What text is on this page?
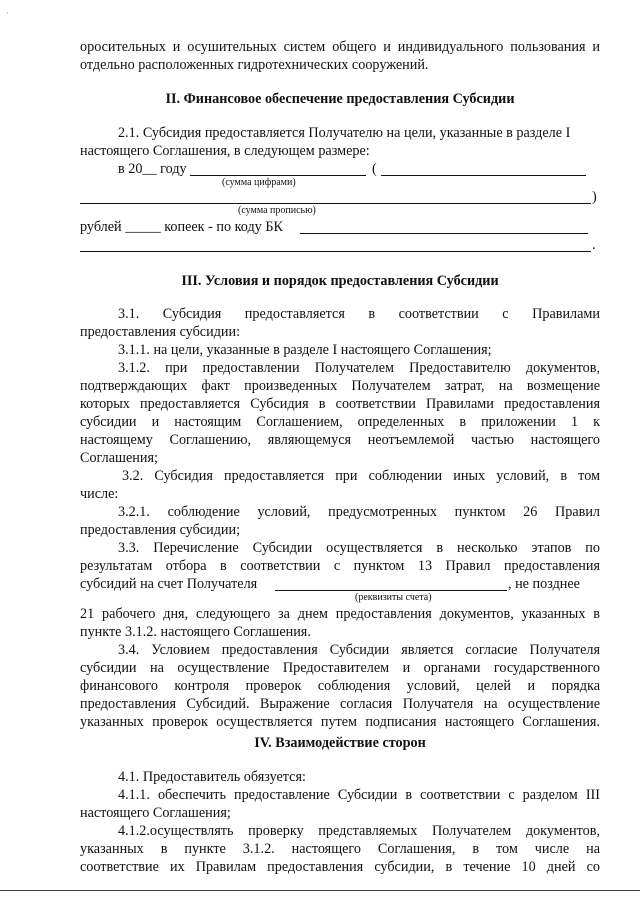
·

оросительных и осушительных систем общего и индивидуального пользования и

отдельно расположенных гидротехнических сооружений.

II. Финансовое обеспечение предоставления Субсидии

2.1. Субсидия предоставляется Получателю на цели, указанные в разделе I

настоящего Соглашения, в следующем размере:

в 20__ году	(
(сумма цифрами)
)
(сумма прописью)
рублей _____ копеек - по коду БК
.

III. Условия и порядок предоставления Субсидии

3.1. Субсидия предоставляется в соответствии с Правилами

предоставления субсидии:

3.1.1. на цели, указанные в разделе I настоящего Соглашения;

3.1.2. при предоставлении Получателем Предоставителю документов,

подтверждающих факт произведенных Получателем затрат, на возмещение

которых предоставляется Субсидия в соответствии Правилами предоставления

субсидии и настоящим Соглашением, определенных в приложении 1 к

настоящему Соглашению, являющемуся неотъемлемой частью настоящего

Соглашения;

3.2. Субсидия предоставляется при соблюдении иных условий, в том

числе:

3.2.1. соблюдение условий, предусмотренных пунктом 26 Правил

предоставления субсидии;

3.3. Перечисление Субсидии осуществляется в несколько этапов по

результатам отбора в соответствии с пунктом 13 Правил предоставления

субсидий на счет Получателя	, не позднее
(реквизиты счета)

21 рабочего дня, следующего за днем предоставления документов, указанных в

пункте 3.1.2. настоящего Соглашения.

3.4. Условием предоставления Субсидии является согласие Получателя

субсидии на осуществление Предоставителем и органами государственного

финансового контроля проверок соблюдения условий, целей и порядка

предоставления Субсидий. Выражение согласия Получателя на осуществление

указанных проверок осуществляется путем подписания настоящего Соглашения.

IV. Взаимодействие сторон

4.1. Предоставитель обязуется:

4.1.1. обеспечить предоставление Субсидии в соответствии с разделом III

настоящего Соглашения;

4.1.2.осуществлять проверку представляемых Получателем документов,

указанных в пункте 3.1.2. настоящего Соглашения, в том числе на

соответствие их Правилам предоставления субсидии, в течение 10 дней со
